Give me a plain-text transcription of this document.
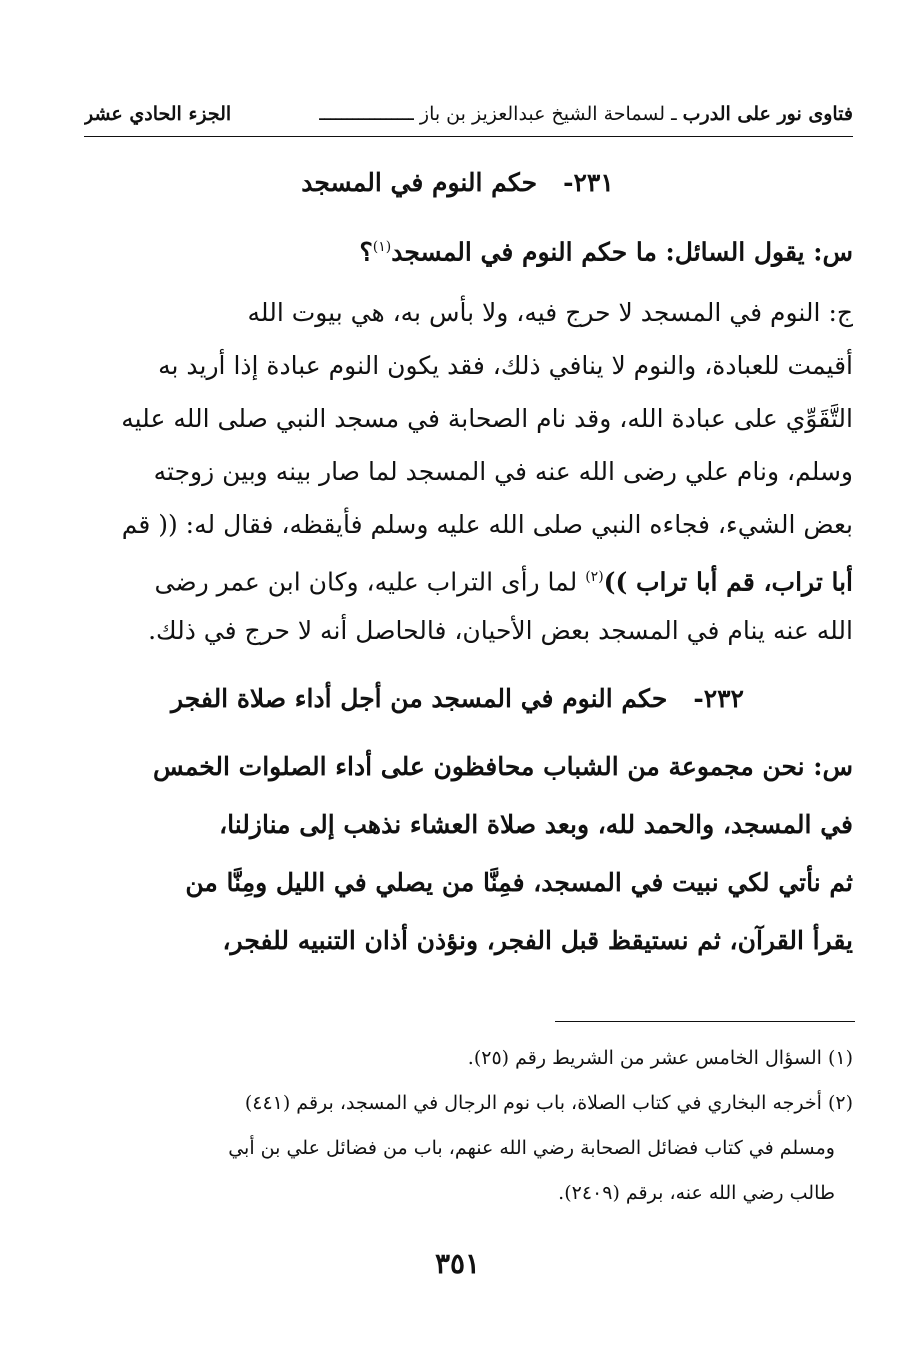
فتاوى نور على الدرب
ـ لسماحة الشيخ عبدالعزيز بن باز ـــــــــــــــــ
الجزء الحادي عشر
٢٣١-حكم النوم في المسجد
س: يقول السائل: ما حكم النوم في المسجد$^{(١)}$؟
ج: النوم في المسجد لا حرج فيه، ولا بأس به، هي بيوت الله
أقيمت للعبادة، والنوم لا ينافي ذلك، فقد يكون النوم عبادة إذا أريد به
التَّقَوِّي على عبادة الله، وقد نام الصحابة في مسجد النبي صلى الله عليه
وسلم، ونام علي رضى الله عنه في المسجد لما صار بينه وبين زوجته
بعض الشيء، فجاءه النبي صلى الله عليه وسلم فأيقظه، فقال له: (( قم
أبا تراب، قم أبا تراب ))$^{(٢)}$ لما رأى التراب عليه، وكان ابن عمر رضى
الله عنه ينام في المسجد بعض الأحيان، فالحاصل أنه لا حرج في ذلك.
٢٣٢-حكم النوم في المسجد من أجل أداء صلاة الفجر
س: نحن مجموعة من الشباب محافظون على أداء الصلوات الخمس
في المسجد، والحمد لله، وبعد صلاة العشاء نذهب إلى منازلنا،
ثم نأتي لكي نبيت في المسجد، فمِنَّا من يصلي في الليل ومِنَّا من
يقرأ القرآن، ثم نستيقظ قبل الفجر، ونؤذن أذان التنبيه للفجر،
(١) السؤال الخامس عشر من الشريط رقم (٢٥).
(٢) أخرجه البخاري في كتاب الصلاة، باب نوم الرجال في المسجد، برقم (٤٤١)
ومسلم في كتاب فضائل الصحابة رضي الله عنهم، باب من فضائل علي بن أبي
طالب رضي الله عنه، برقم (٢٤٠٩).
٣٥١
